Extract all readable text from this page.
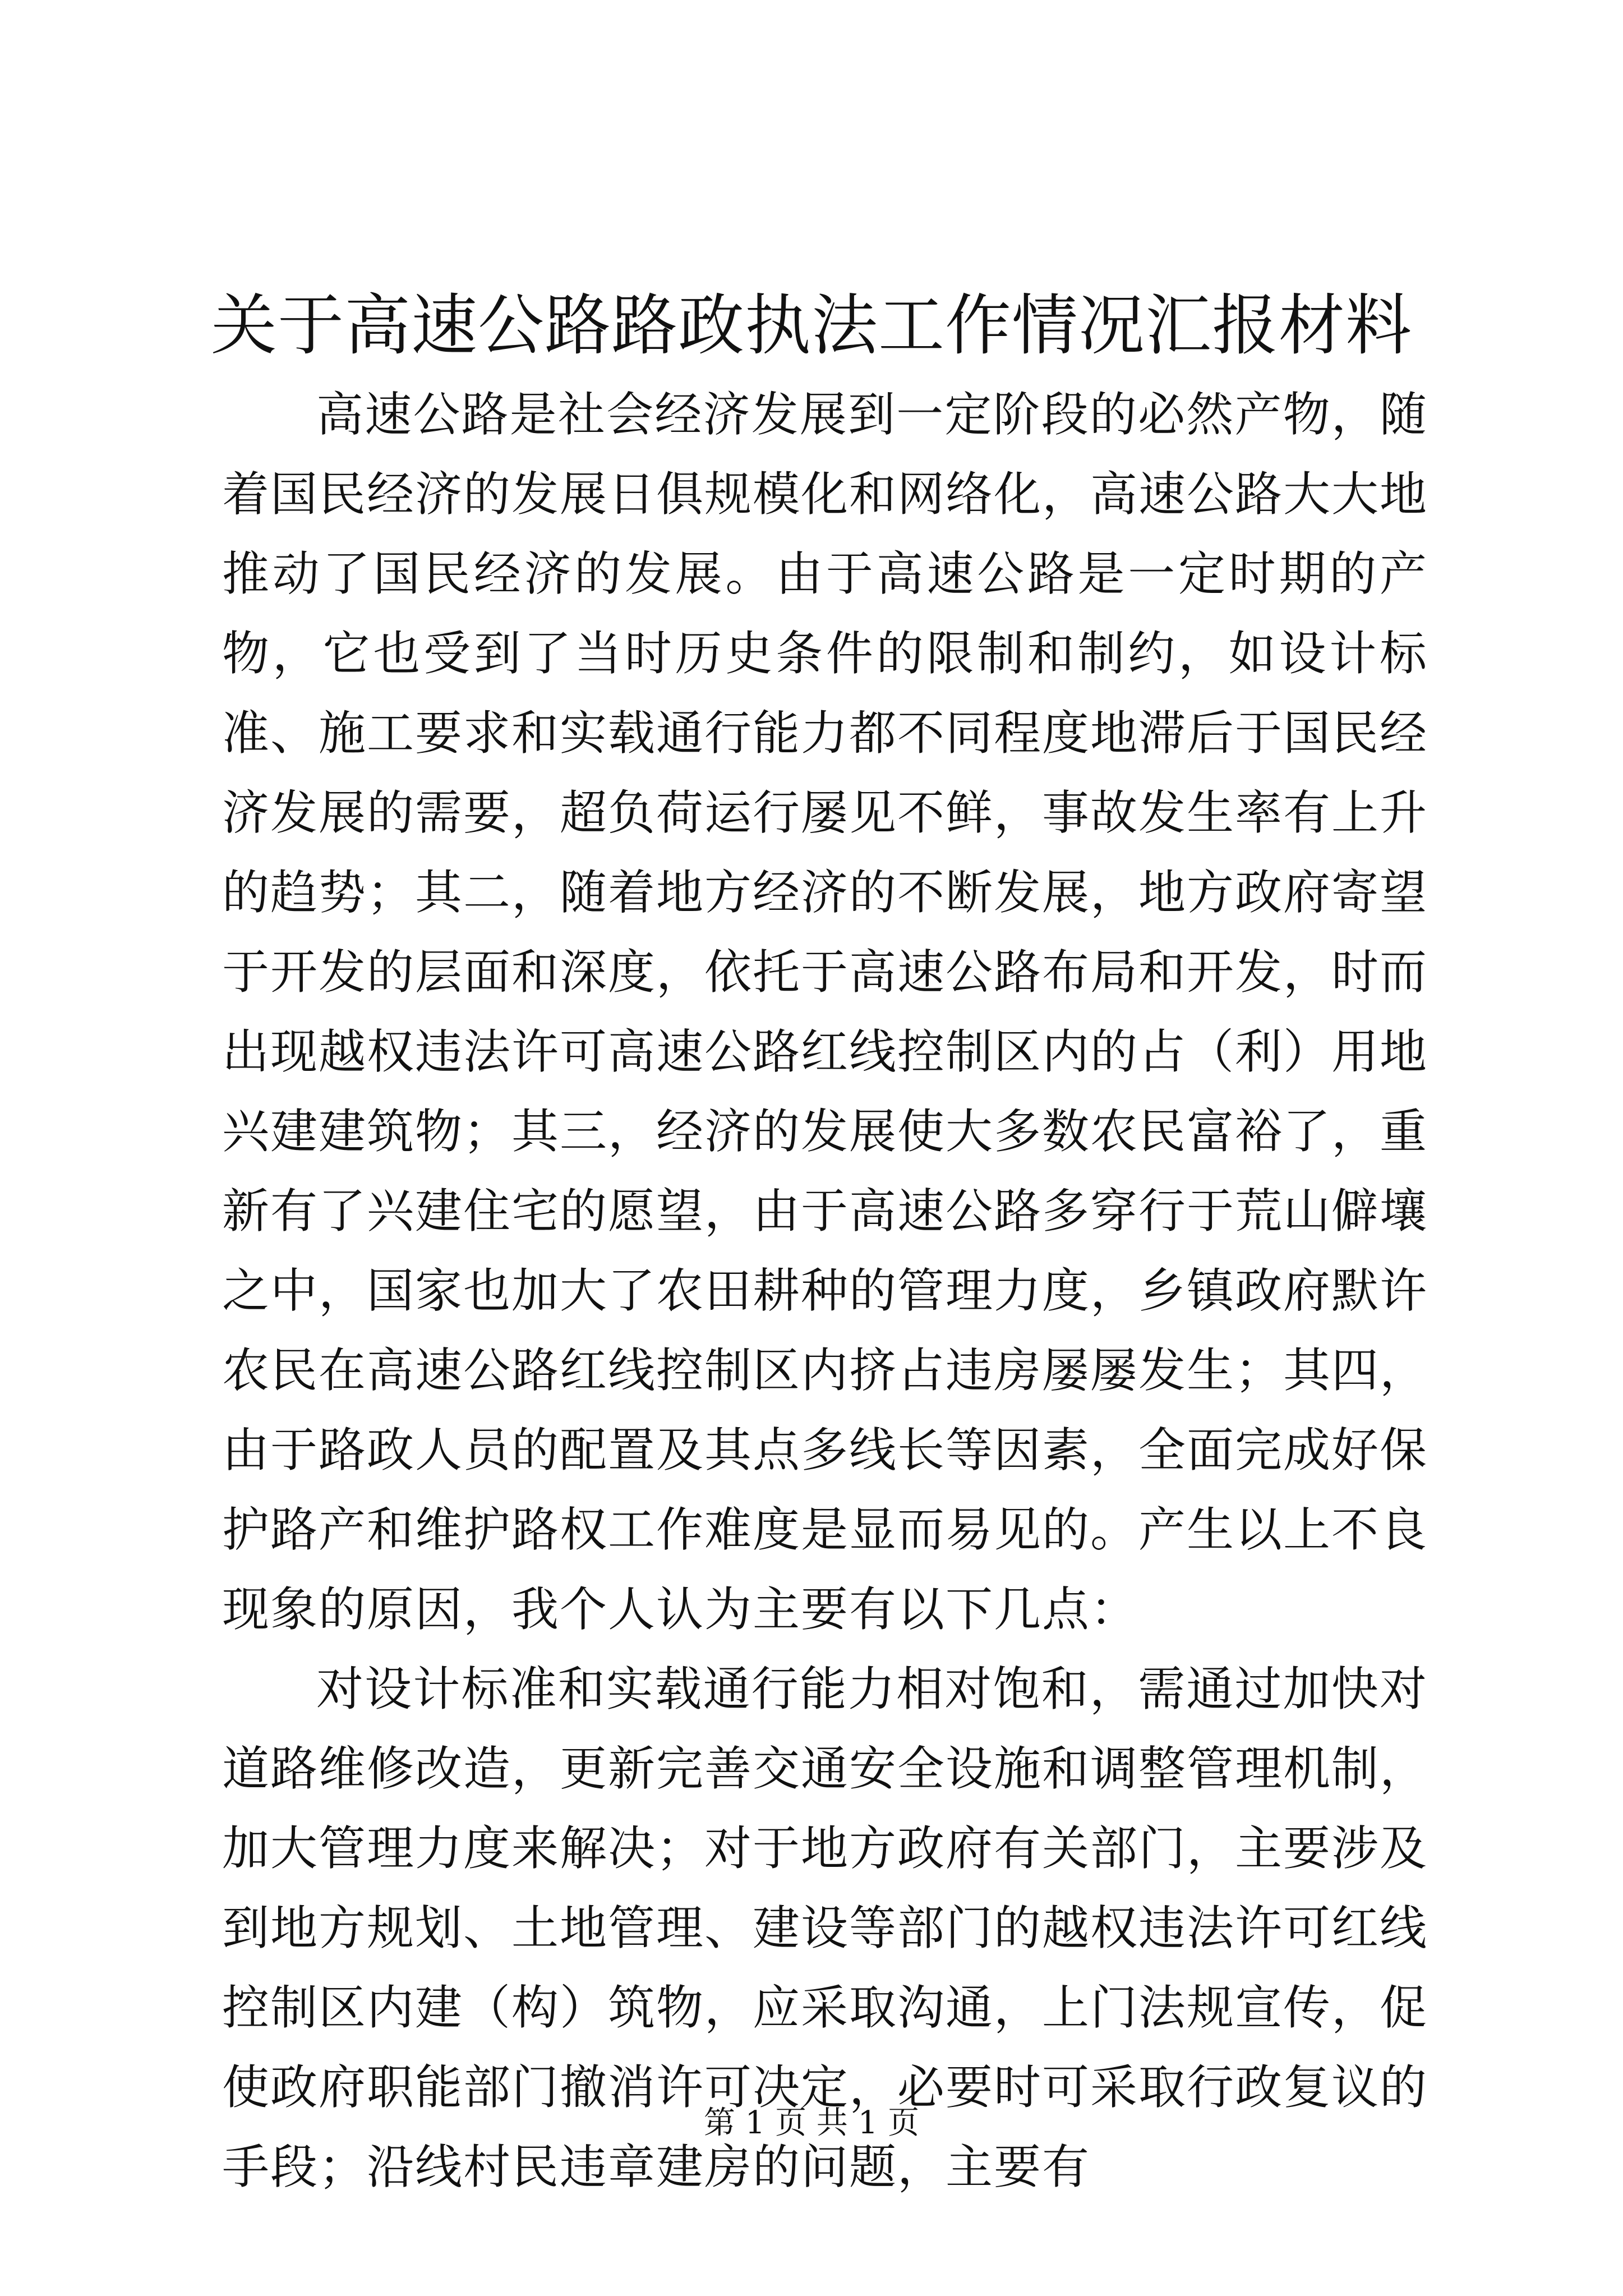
关于高速公路路政执法工作情况汇报材料

高速公路是社会经济发展到一定阶段的必然产物，随着国民经济的发展日俱规模化和网络化，高速公路大大地推动了国民经济的发展。由于高速公路是一定时期的产物，它也受到了当时历史条件的限制和制约，如设计标准、施工要求和实载通行能力都不同程度地滞后于国民经济发展的需要，超负荷运行屡见不鲜，事故发生率有上升的趋势；其二，随着地方经济的不断发展，地方政府寄望于开发的层面和深度，依托于高速公路布局和开发，时而出现越权违法许可高速公路红线控制区内的占（利）用地兴建建筑物；其三，经济的发展使大多数农民富裕了，重新有了兴建住宅的愿望，由于高速公路多穿行于荒山僻壤之中，国家也加大了农田耕种的管理力度，乡镇政府默许农民在高速公路红线控制区内挤占违房屡屡发生；其四，由于路政人员的配置及其点多线长等因素，全面完成好保护路产和维护路权工作难度是显而易见的。产生以上不良现象的原因，我个人认为主要有以下几点：

对设计标准和实载通行能力相对饱和，需通过加快对道路维修改造，更新完善交通安全设施和调整管理机制，加大管理力度来解决；对于地方政府有关部门，主要涉及到地方规划、土地管理、建设等部门的越权违法许可红线控制区内建（构）筑物，应采取沟通，上门法规宣传，促使政府职能部门撤消许可决定，必要时可采取行政复议的手段；沿线村民违章建房的问题，主要有

第 1 页 共 1 页
